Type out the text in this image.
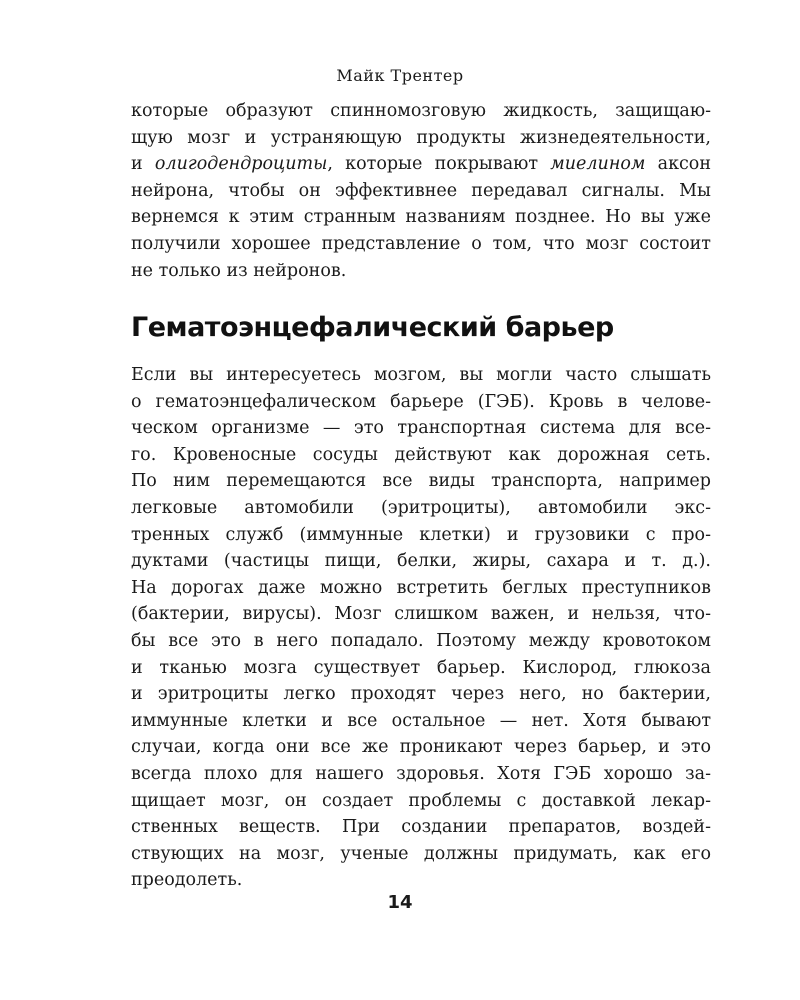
Майк Трентер
которые образуют спинномозговую жидкость, защищаю-
щую мозг и устраняющую продукты жизнедеятельности,
и олигодендроциты, которые покрывают миелином аксон
нейрона, чтобы он эффективнее передавал сигналы. Мы
вернемся к этим странным названиям позднее. Но вы уже
получили хорошее представление о том, что мозг состоит
не только из нейронов.
Гематоэнцефалический барьер
Если вы интересуетесь мозгом, вы могли часто слышать
о гематоэнцефалическом барьере (ГЭБ). Кровь в челове-
ческом организме — это транспортная система для все-
го. Кровеносные сосуды действуют как дорожная сеть.
По ним перемещаются все виды транспорта, например
легковые автомобили (эритроциты), автомобили экс-
тренных служб (иммунные клетки) и грузовики с про-
дуктами (частицы пищи, белки, жиры, сахара и т. д.).
На дорогах даже можно встретить беглых преступников
(бактерии, вирусы). Мозг слишком важен, и нельзя, что-
бы все это в него попадало. Поэтому между кровотоком
и тканью мозга существует барьер. Кислород, глюкоза
и эритроциты легко проходят через него, но бактерии,
иммунные клетки и все остальное — нет. Хотя бывают
случаи, когда они все же проникают через барьер, и это
всегда плохо для нашего здоровья. Хотя ГЭБ хорошо за-
щищает мозг, он создает проблемы с доставкой лекар-
ственных веществ. При создании препаратов, воздей-
ствующих на мозг, ученые должны придумать, как его
преодолеть.
14
